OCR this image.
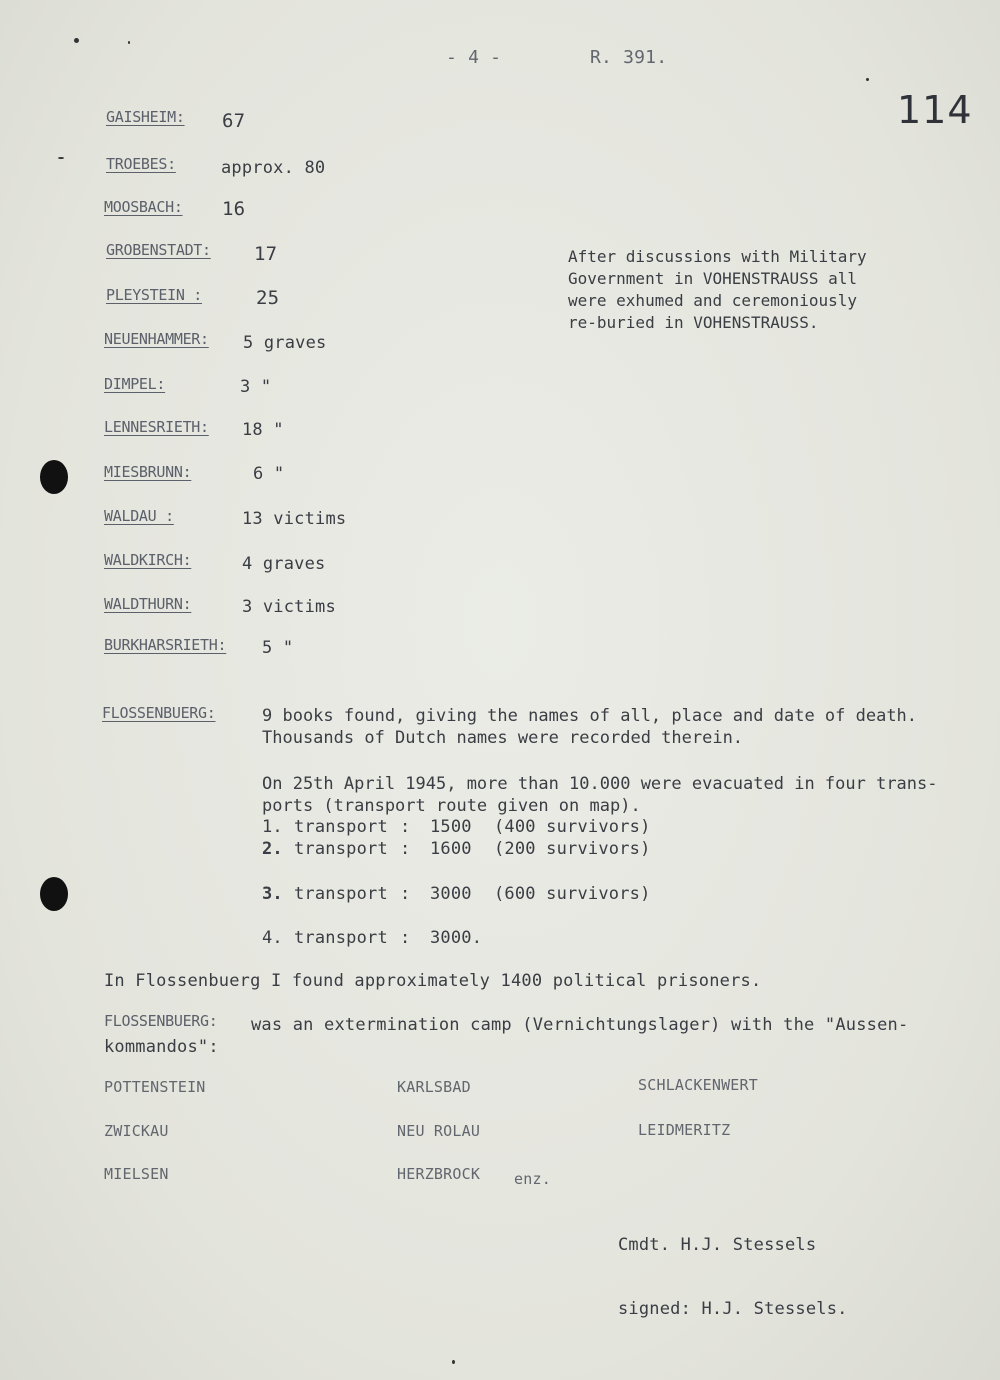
- 4 -	R. 391.
114
GAISHEIM: 67
TROEBES:	approx. 80
MOOSBACH: 16
GROBENSTADT: 17
PLEYSTEIN :	25
NEUENHAMMER: 5 graves
DIMPEL:	3 "
LENNESRIETH: 18 "
MIESBRUNN:	6 "
WALDAU :	13 victims
WALDKIRCH:	4 graves
WALDTHURN:	3 victims
BURKHARSRIETH: 5 "
After discussions with Military
Government in VOHENSTRAUSS all
were exhumed and ceremoniously
re-buried in VOHENSTRAUSS.
FLOSSENBUERG:	9 books found, giving the names of all, place and date of death.
Thousands of Dutch names were recorded therein.
On 25th April 1945, more than 10.000 were evacuated in four trans-
ports (transport route given on map).
1. transport : 1500 (400 survivors)
2. transport : 1600 (200 survivors)
3. transport : 3000 (600 survivors)
4. transport : 3000.
In Flossenbuerg I found approximately 1400 political prisoners.
FLOSSENBUERG: was an extermination camp (Vernichtungslager) with the "Aussen-
kommandos":
POTTENSTEIN	KARLSBAD	SCHLACKENWERT
ZWICKAU	NEU ROLAU	LEIDMERITZ
MIELSEN	HERZBROCK enz.
Cmdt. H.J. Stessels
signed: H.J. Stessels.
